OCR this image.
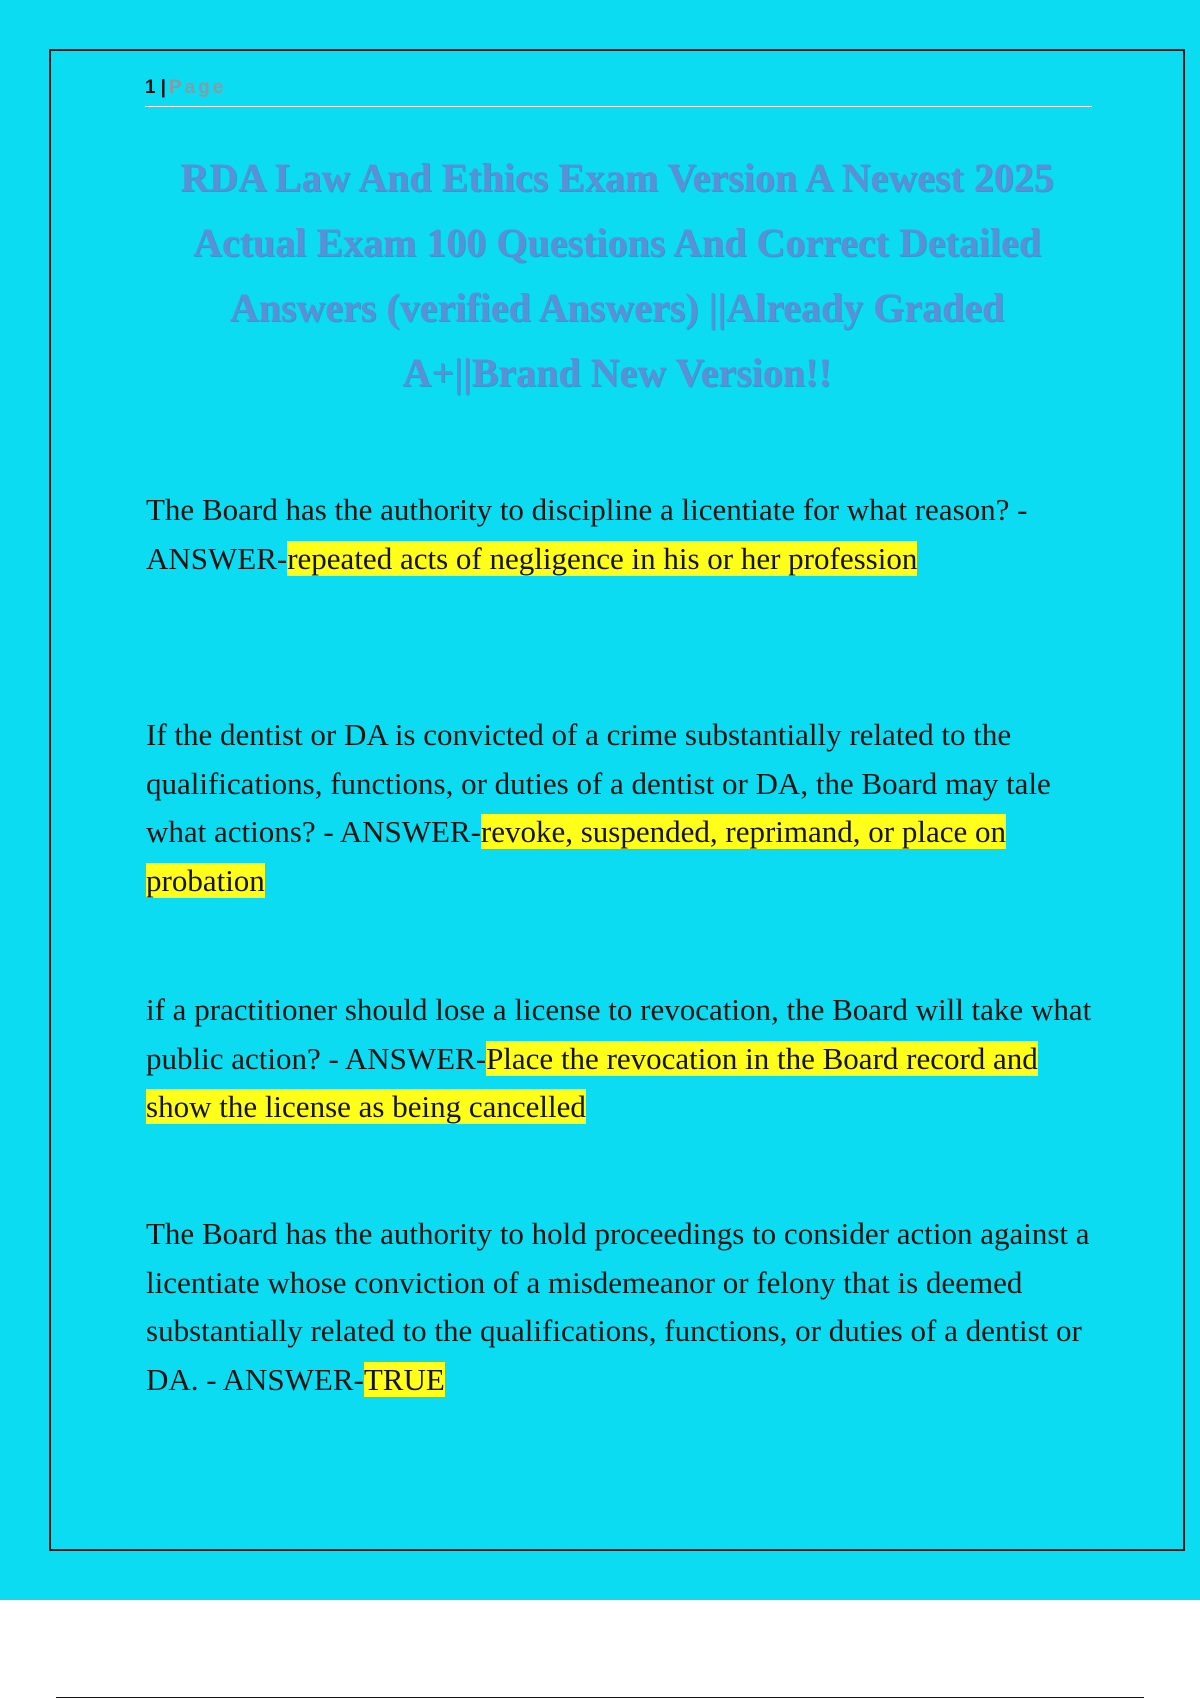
1 | Page
RDA Law And Ethics Exam Version A Newest 2025 Actual Exam 100 Questions And Correct Detailed Answers (verified Answers) ||Already Graded A+||Brand New Version!!

The Board has the authority to discipline a licentiate for what reason? - ANSWER-repeated acts of negligence in his or her profession

If the dentist or DA is convicted of a crime substantially related to the qualifications, functions, or duties of a dentist or DA, the Board may tale what actions? - ANSWER-revoke, suspended, reprimand, or place on probation

if a practitioner should lose a license to revocation, the Board will take what public action? - ANSWER-Place the revocation in the Board record and show the license as being cancelled

The Board has the authority to hold proceedings to consider action against a licentiate whose conviction of a misdemeanor or felony that is deemed substantially related to the qualifications, functions, or duties of a dentist or DA. - ANSWER-TRUE
